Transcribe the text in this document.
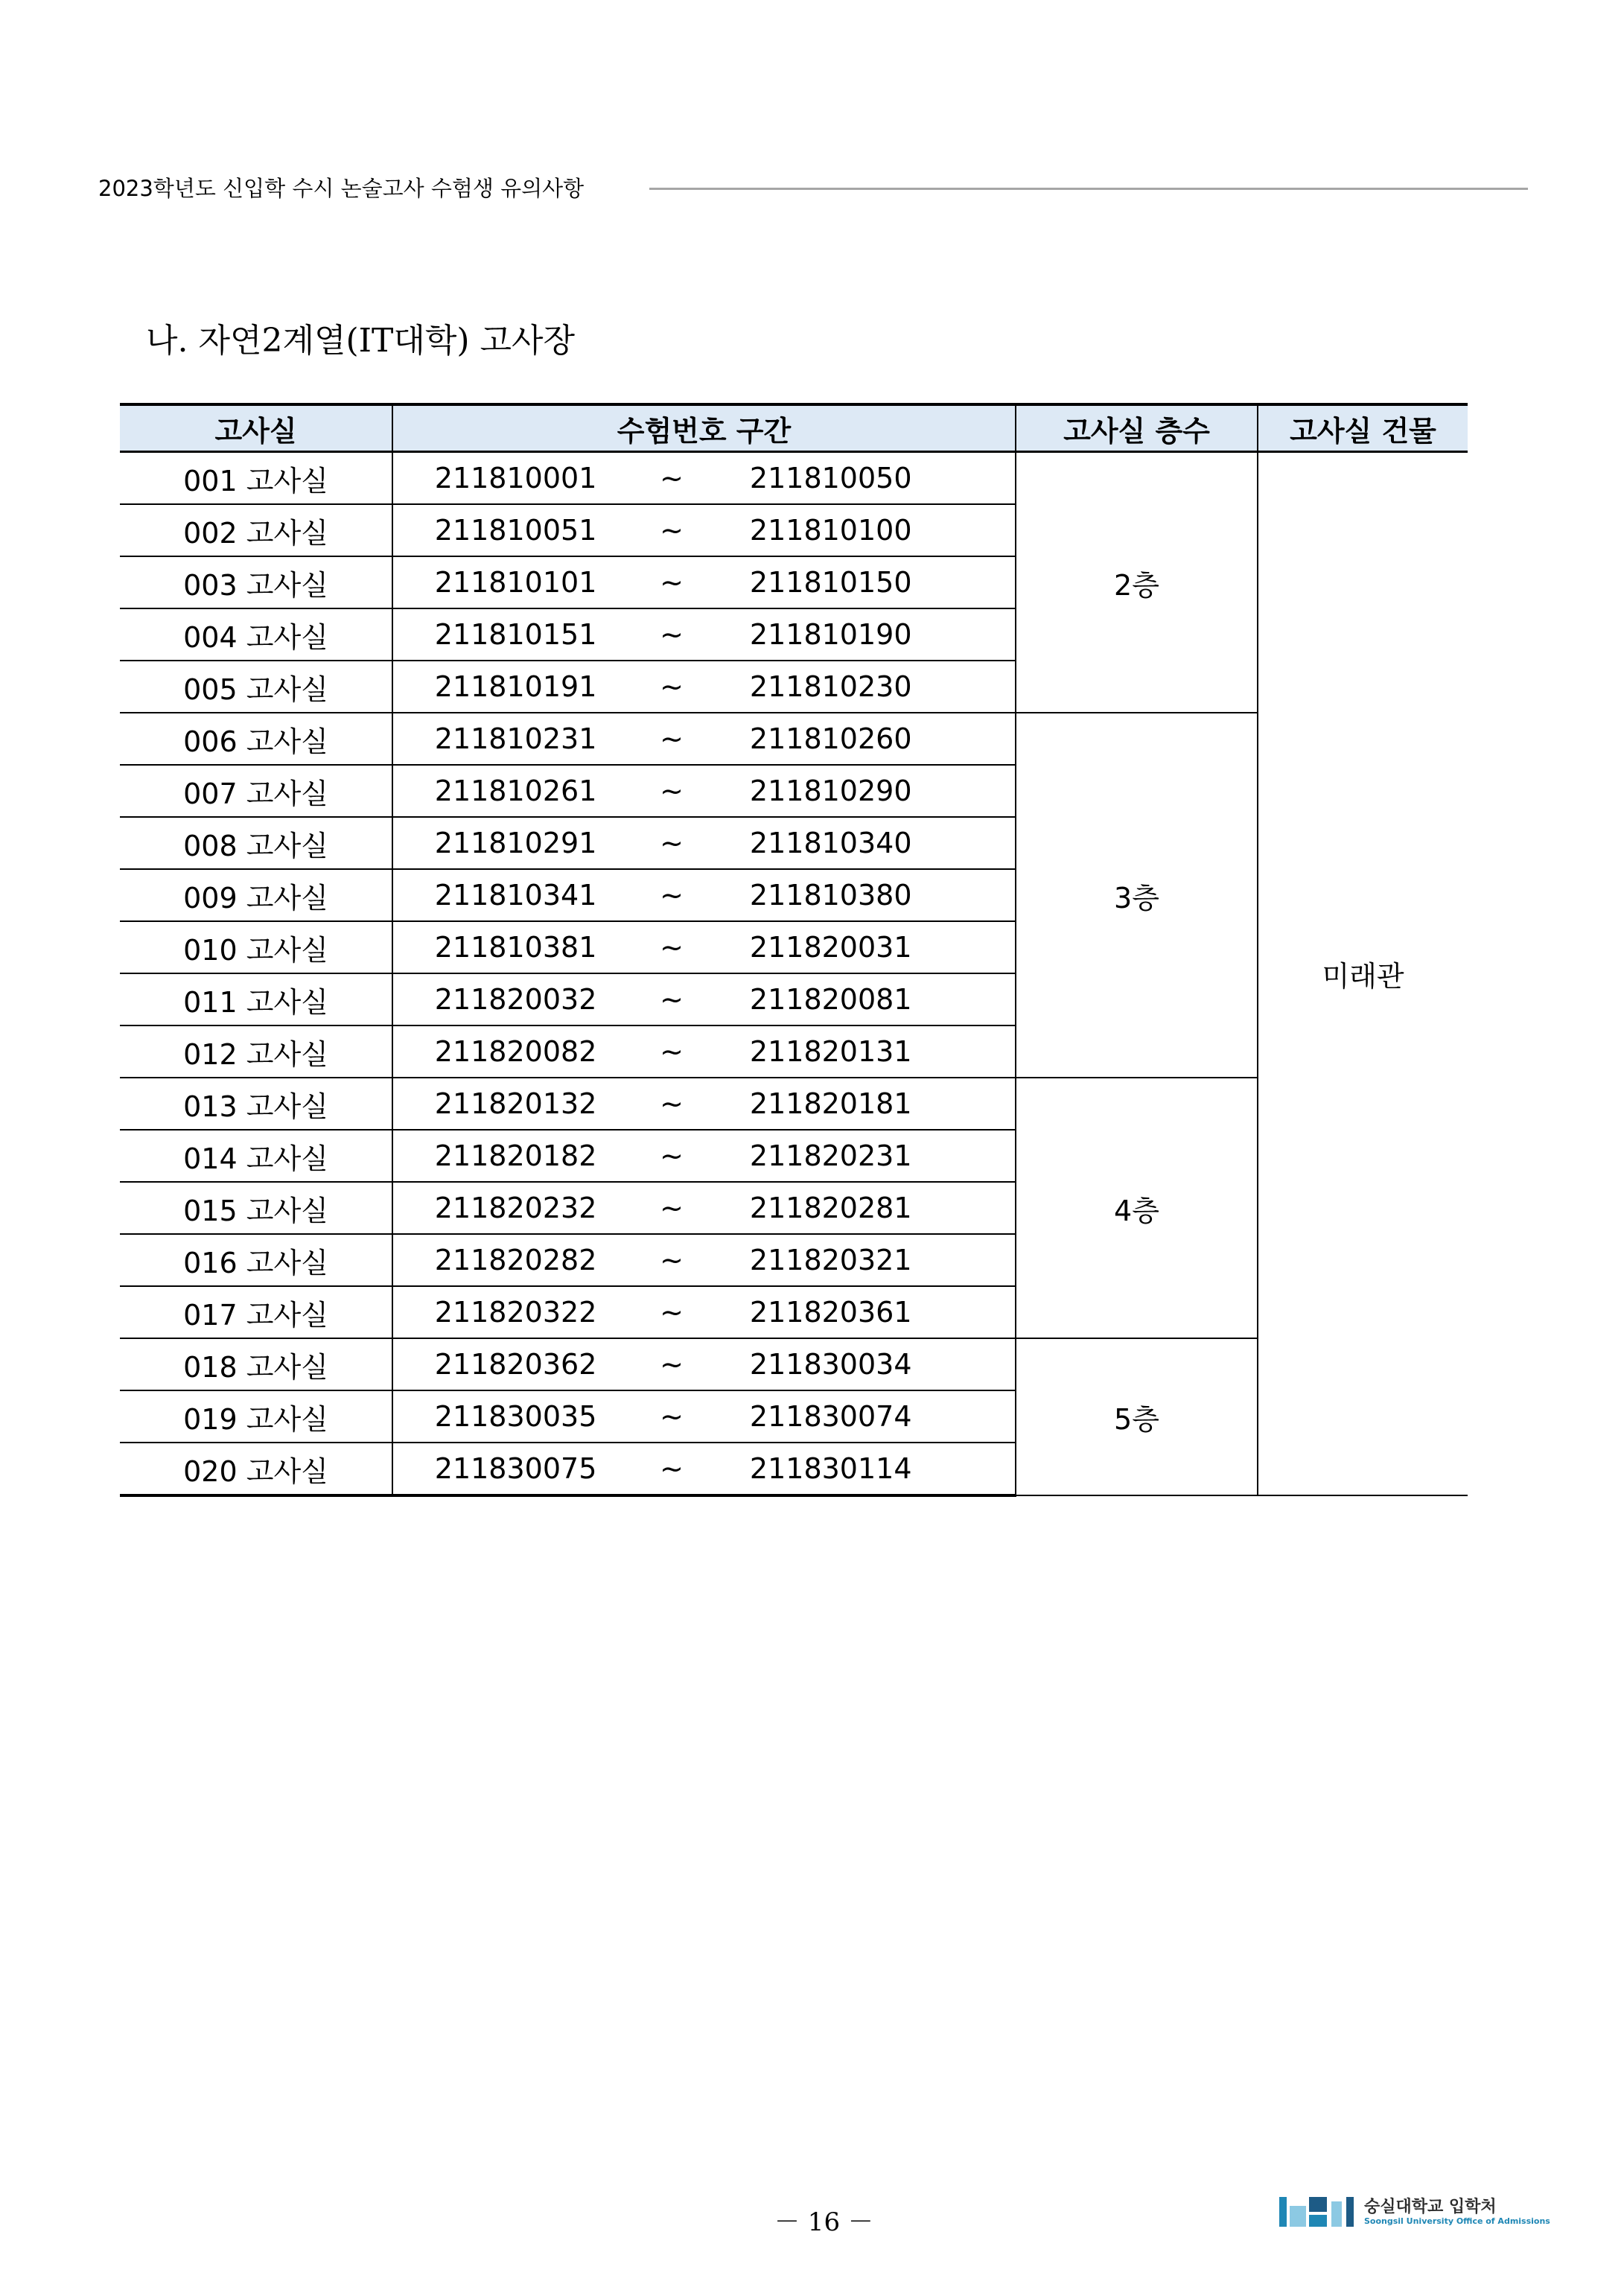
2023학년도 신입학 수시 논술고사 수험생 유의사항
나. 자연2계열(IT대학) 고사장
고사실	수험번호 구간	고사실 층수	고사실 건물
001 고사실	211810001 ~ 211810050	2층	미래관
002 고사실	211810051 ~ 211810100		

003 고사실	211810101 ~ 211810150		

004 고사실	211810151 ~ 211810190		

005 고사실	211810191 ~ 211810230		

006 고사실	211810231 ~ 211810260	3층	
007 고사실	211810261 ~ 211810290		

008 고사실	211810291 ~ 211810340		

009 고사실	211810341 ~ 211810380		

010 고사실	211810381 ~ 211820031		

011 고사실	211820032 ~ 211820081		

012 고사실	211820082 ~ 211820131		

013 고사실	211820132 ~ 211820181	4층	
014 고사실	211820182 ~ 211820231		

015 고사실	211820232 ~ 211820281		

016 고사실	211820282 ~ 211820321		

017 고사실	211820322 ~ 211820361		

018 고사실	211820362 ~ 211830034	5층	
019 고사실	211830035 ~ 211830074		

020 고사실	211830075 ~ 211830114		
－ 16 －
숭실대학교 입학처
Soongsil University Office of Admissions
